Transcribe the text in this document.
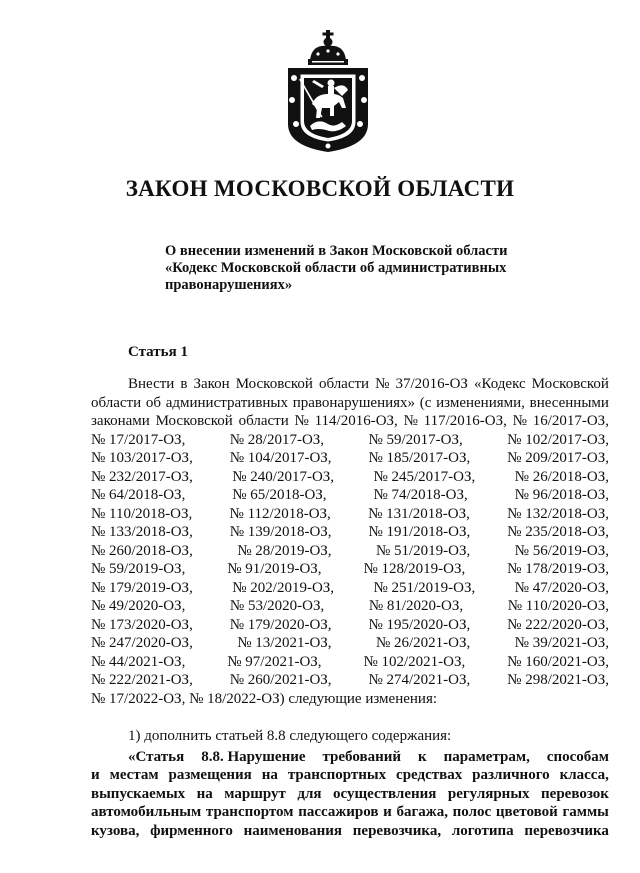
ЗАКОН МОСКОВСКОЙ ОБЛАСТИ
О внесении изменений в Закон Московской области
«Кодекс Московской области об административных
правонарушениях»
Статья 1
Внести в Закон Московской области № 37/2016-ОЗ «Кодекс Московской
области об административных правонарушениях» (с изменениями, внесенными
законами Московской области № 114/2016-ОЗ, № 117/2016-ОЗ, № 16/2017-ОЗ,
№ 17/2017-ОЗ,	№ 28/2017-ОЗ,	№ 59/2017-ОЗ,	№ 102/2017-ОЗ,
№ 103/2017-ОЗ, № 104/2017-ОЗ, № 185/2017-ОЗ, № 209/2017-ОЗ,
№ 232/2017-ОЗ,	№ 240/2017-ОЗ,	№ 245/2017-ОЗ,	№ 26/2018-ОЗ,
№ 64/2018-ОЗ,	№ 65/2018-ОЗ,	№ 74/2018-ОЗ,	№ 96/2018-ОЗ,
№ 110/2018-ОЗ, № 112/2018-ОЗ, № 131/2018-ОЗ, № 132/2018-ОЗ,
№ 133/2018-ОЗ, № 139/2018-ОЗ, № 191/2018-ОЗ, № 235/2018-ОЗ,
№ 260/2018-ОЗ,	№ 28/2019-ОЗ,	№ 51/2019-ОЗ,	№ 56/2019-ОЗ,
№ 59/2019-ОЗ,	№ 91/2019-ОЗ,	№ 128/2019-ОЗ,	№ 178/2019-ОЗ,
№ 179/2019-ОЗ,	№ 202/2019-ОЗ,	№ 251/2019-ОЗ,	№ 47/2020-ОЗ,
№ 49/2020-ОЗ,	№ 53/2020-ОЗ,	№ 81/2020-ОЗ,	№ 110/2020-ОЗ,
№ 173/2020-ОЗ, № 179/2020-ОЗ, № 195/2020-ОЗ, № 222/2020-ОЗ,
№ 247/2020-ОЗ,	№ 13/2021-ОЗ,	№ 26/2021-ОЗ,	№ 39/2021-ОЗ,
№ 44/2021-ОЗ,	№ 97/2021-ОЗ,	№ 102/2021-ОЗ,	№ 160/2021-ОЗ,
№ 222/2021-ОЗ, № 260/2021-ОЗ, № 274/2021-ОЗ, № 298/2021-ОЗ,
№ 17/2022-ОЗ, № 18/2022-ОЗ) следующие изменения:
1) дополнить статьей 8.8 следующего содержания:
«Статья 8.8. Нарушение требований к параметрам, способам
и местам размещения на транспортных средствах различного класса,
выпускаемых на маршрут для осуществления регулярных перевозок
автомобильным транспортом пассажиров и багажа, полос цветовой гаммы
кузова, фирменного наименования перевозчика, логотипа перевозчика
